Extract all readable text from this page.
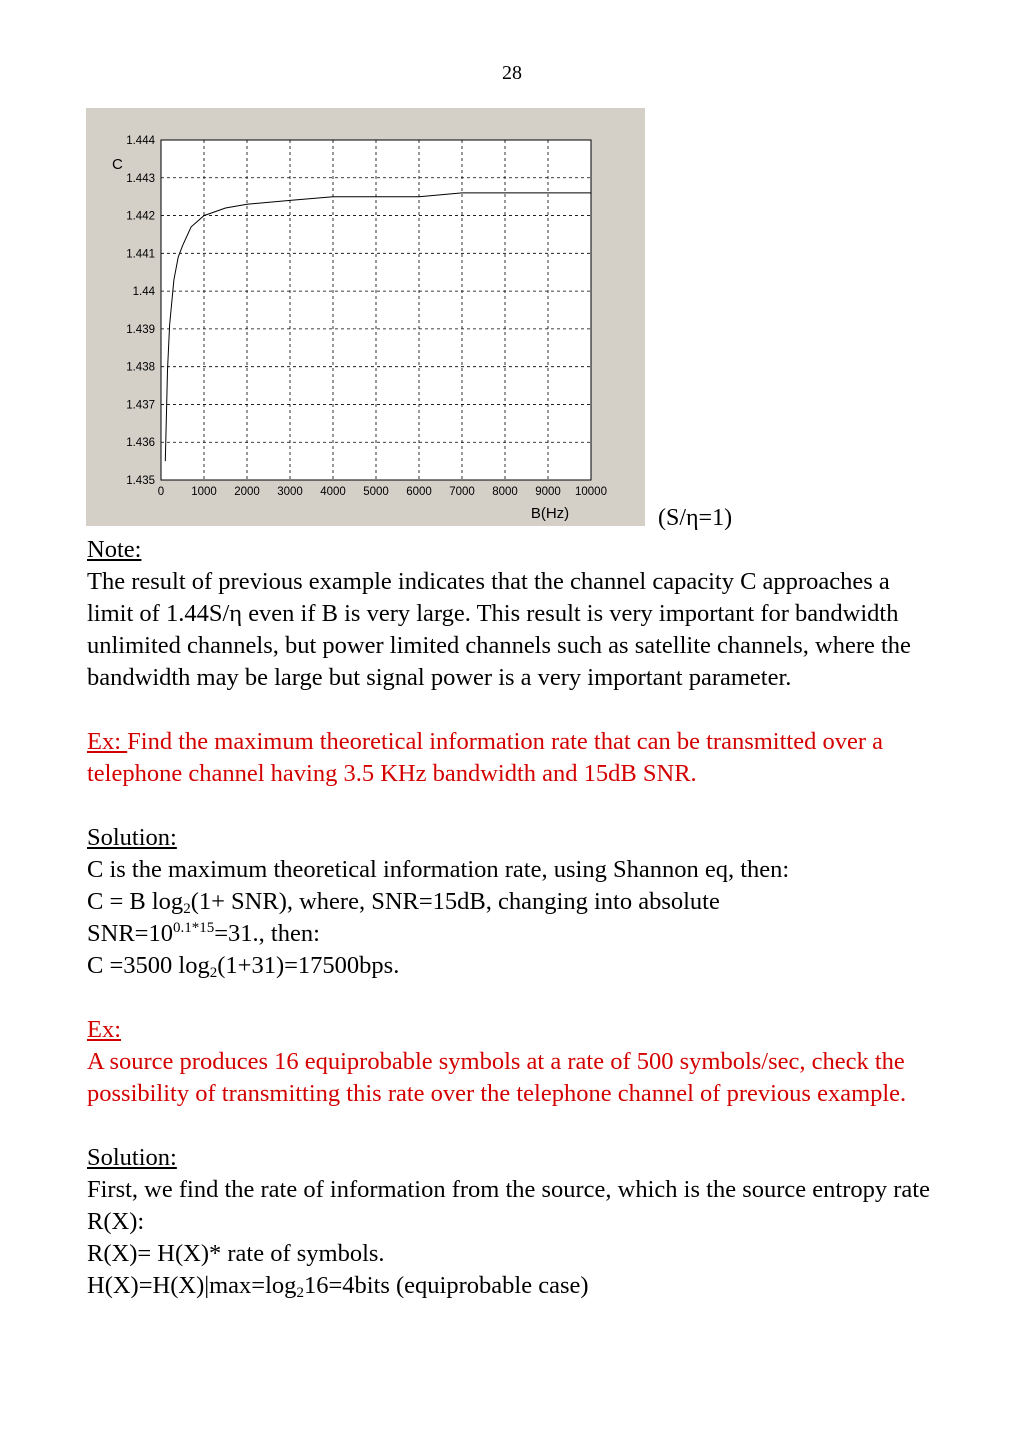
28
0 1000 2000 3000 4000 5000 6000 7000 8000 9000 10000
1.444
1.443
1.442
1.441
1.44
1.439
1.438
1.437
1.436
1.435
C
B(Hz)	(S/η=1)

Note:

The result of previous example indicates that the channel capacity C approaches a limit of 1.44S/η even if B is very large. This result is very important for bandwidth unlimited channels, but power limited channels such as satellite channels, where the bandwidth may be large but signal power is a very important parameter.

Ex: Find the maximum theoretical information rate that can be transmitted over a telephone channel having 3.5 KHz bandwidth and 15dB SNR.

Solution:

C is the maximum theoretical information rate, using Shannon eq, then:

C = B $\log_2(1+ SNR)$, where, SNR=15dB, changing into absolute

$SNR=10^{0.1*15}=31$., then:

C =3500 $\log_2(1+31)=17500bps$.

Ex:

A source produces 16 equiprobable symbols at a rate of 500 symbols/sec, check the possibility of transmitting this rate over the telephone channel of previous example.

Solution:

First, we find the rate of information from the source, which is the source entropy rate R(X):

R(X)= H(X)* rate of symbols.

$H(X)=H(X)|\max=\log_216=4bits$ (equiprobable case)
